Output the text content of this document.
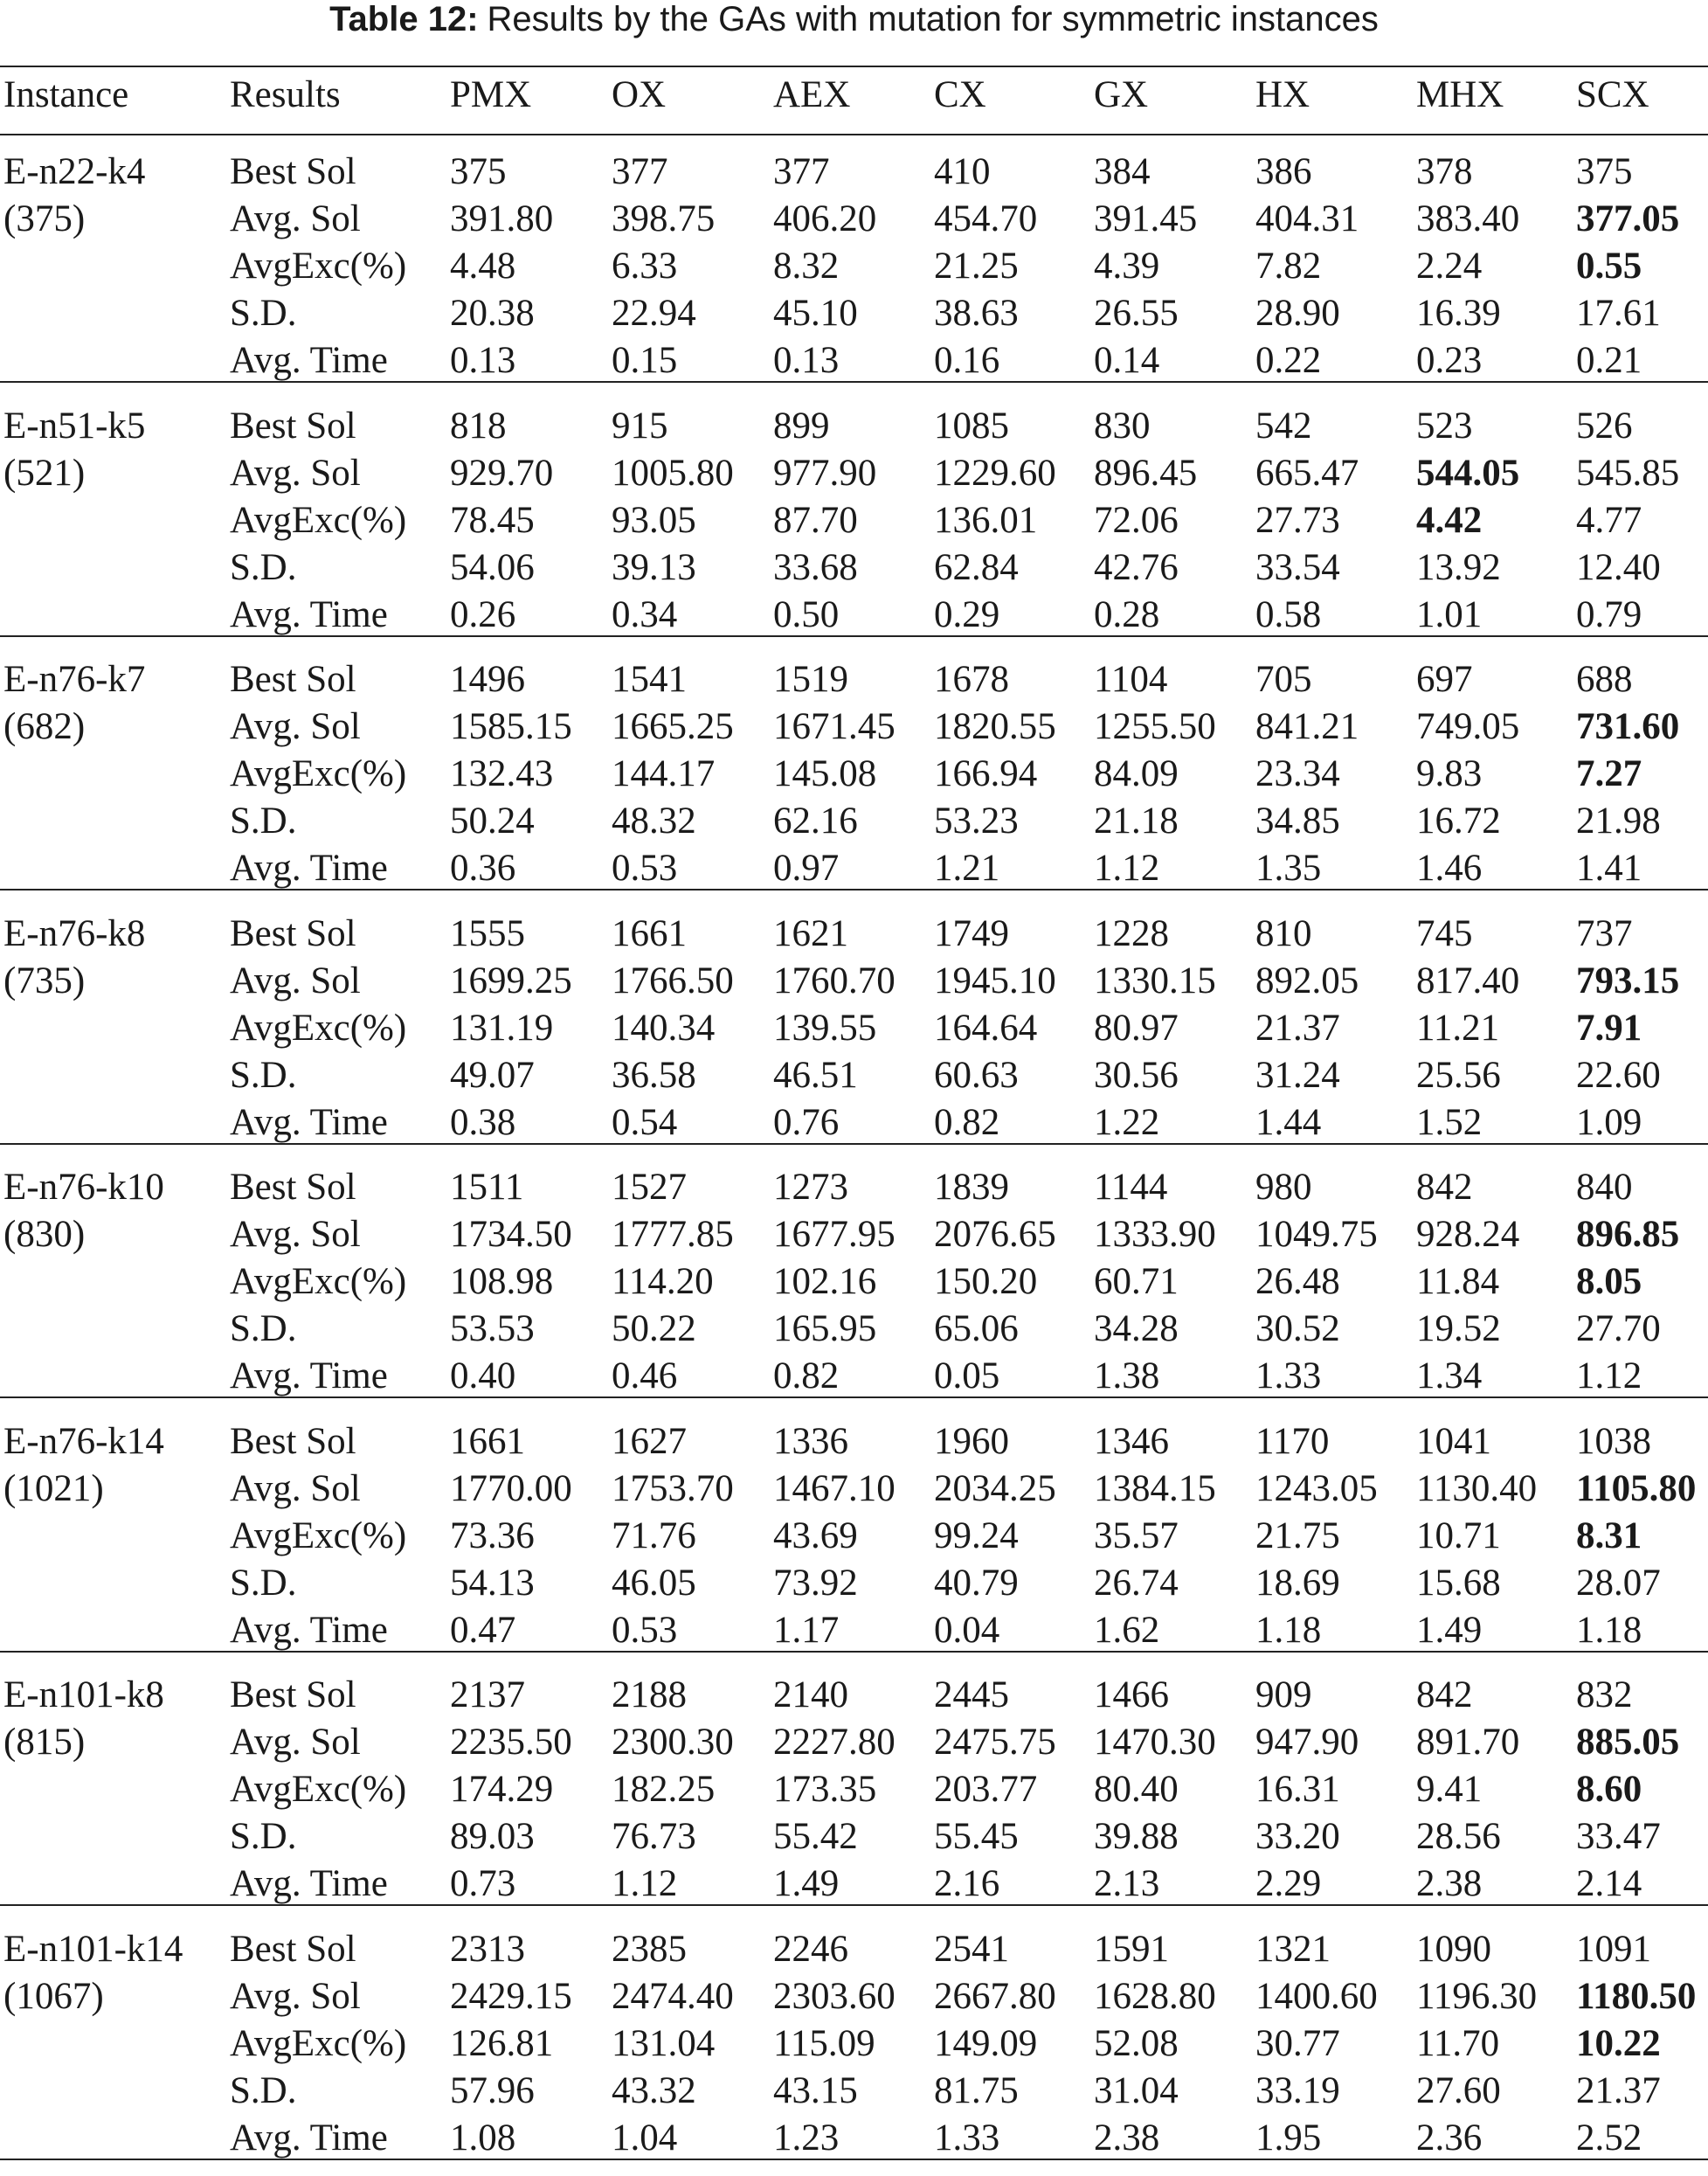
Table 12: Results by the GAs with mutation for symmetric instances
Instance	Results	PMX OX	AEX CX	GX	HX	MHX SCX
E-n22-k4 Best Sol 375	377	377	410	384	386	378	375
(375)	Avg. Sol 391.80 398.75 406.20 454.70 391.45 404.31 383.40 377.05
AvgExc(%) 4.48	6.33	8.32	21.25 4.39	7.82	2.24	0.55
S.D.	20.38 22.94 45.10 38.63 26.55 28.90 16.39 17.61
Avg. Time 0.13	0.15	0.13	0.16	0.14	0.22	0.23	0.21
E-n51-k5 Best Sol 818	915	899	1085 830	542	523	526
(521)	Avg. Sol 929.70 1005.80 977.90 1229.60 896.45 665.47 544.05 545.85
AvgExc(%) 78.45 93.05 87.70 136.01 72.06 27.73 4.42	4.77
S.D.	54.06 39.13 33.68 62.84 42.76 33.54 13.92 12.40
Avg. Time 0.26	0.34	0.50	0.29	0.28	0.58	1.01	0.79
E-n76-k7 Best Sol 1496 1541 1519 1678 1104 705	697	688
(682)	Avg. Sol 1585.15 1665.25 1671.45 1820.55 1255.50 841.21 749.05 731.60
AvgExc(%) 132.43 144.17 145.08 166.94 84.09 23.34 9.83	7.27
S.D.	50.24 48.32 62.16 53.23 21.18 34.85 16.72 21.98
Avg. Time 0.36	0.53	0.97	1.21	1.12	1.35	1.46	1.41
E-n76-k8 Best Sol 1555 1661 1621 1749 1228 810	745	737
(735)	Avg. Sol 1699.25 1766.50 1760.70 1945.10 1330.15 892.05 817.40 793.15
AvgExc(%) 131.19 140.34 139.55 164.64 80.97 21.37 11.21 7.91
S.D.	49.07 36.58 46.51 60.63 30.56 31.24 25.56 22.60
Avg. Time 0.38	0.54	0.76	0.82	1.22	1.44	1.52	1.09
E-n76-k10 Best Sol 1511 1527 1273 1839 1144 980	842	840
(830)	Avg. Sol 1734.50 1777.85 1677.95 2076.65 1333.90 1049.75 928.24 896.85
AvgExc(%) 108.98 114.20 102.16 150.20 60.71 26.48 11.84 8.05
S.D.	53.53 50.22 165.95 65.06 34.28 30.52 19.52 27.70
Avg. Time 0.40	0.46	0.82	0.05	1.38	1.33	1.34	1.12
E-n76-k14 Best Sol 1661 1627 1336 1960 1346 1170 1041 1038
(1021)	Avg. Sol 1770.00 1753.70 1467.10 2034.25 1384.15 1243.05 1130.40 1105.80
AvgExc(%) 73.36 71.76 43.69 99.24 35.57 21.75 10.71 8.31
S.D.	54.13 46.05 73.92 40.79 26.74 18.69 15.68 28.07
Avg. Time 0.47	0.53	1.17	0.04	1.62	1.18	1.49	1.18
E-n101-k8 Best Sol 2137 2188 2140 2445 1466 909	842	832
(815)	Avg. Sol 2235.50 2300.30 2227.80 2475.75 1470.30 947.90 891.70 885.05
AvgExc(%) 174.29 182.25 173.35 203.77 80.40 16.31 9.41	8.60
S.D.	89.03 76.73 55.42 55.45 39.88 33.20 28.56 33.47
Avg. Time 0.73	1.12	1.49	2.16	2.13	2.29	2.38	2.14
E-n101-k14 Best Sol 2313 2385 2246 2541 1591 1321 1090 1091
(1067)	Avg. Sol 2429.15 2474.40 2303.60 2667.80 1628.80 1400.60 1196.30 1180.50
AvgExc(%) 126.81 131.04 115.09 149.09 52.08 30.77 11.70 10.22
S.D.	57.96 43.32 43.15 81.75 31.04 33.19 27.60 21.37
Avg. Time 1.08	1.04	1.23	1.33	2.38	1.95	2.36	2.52
